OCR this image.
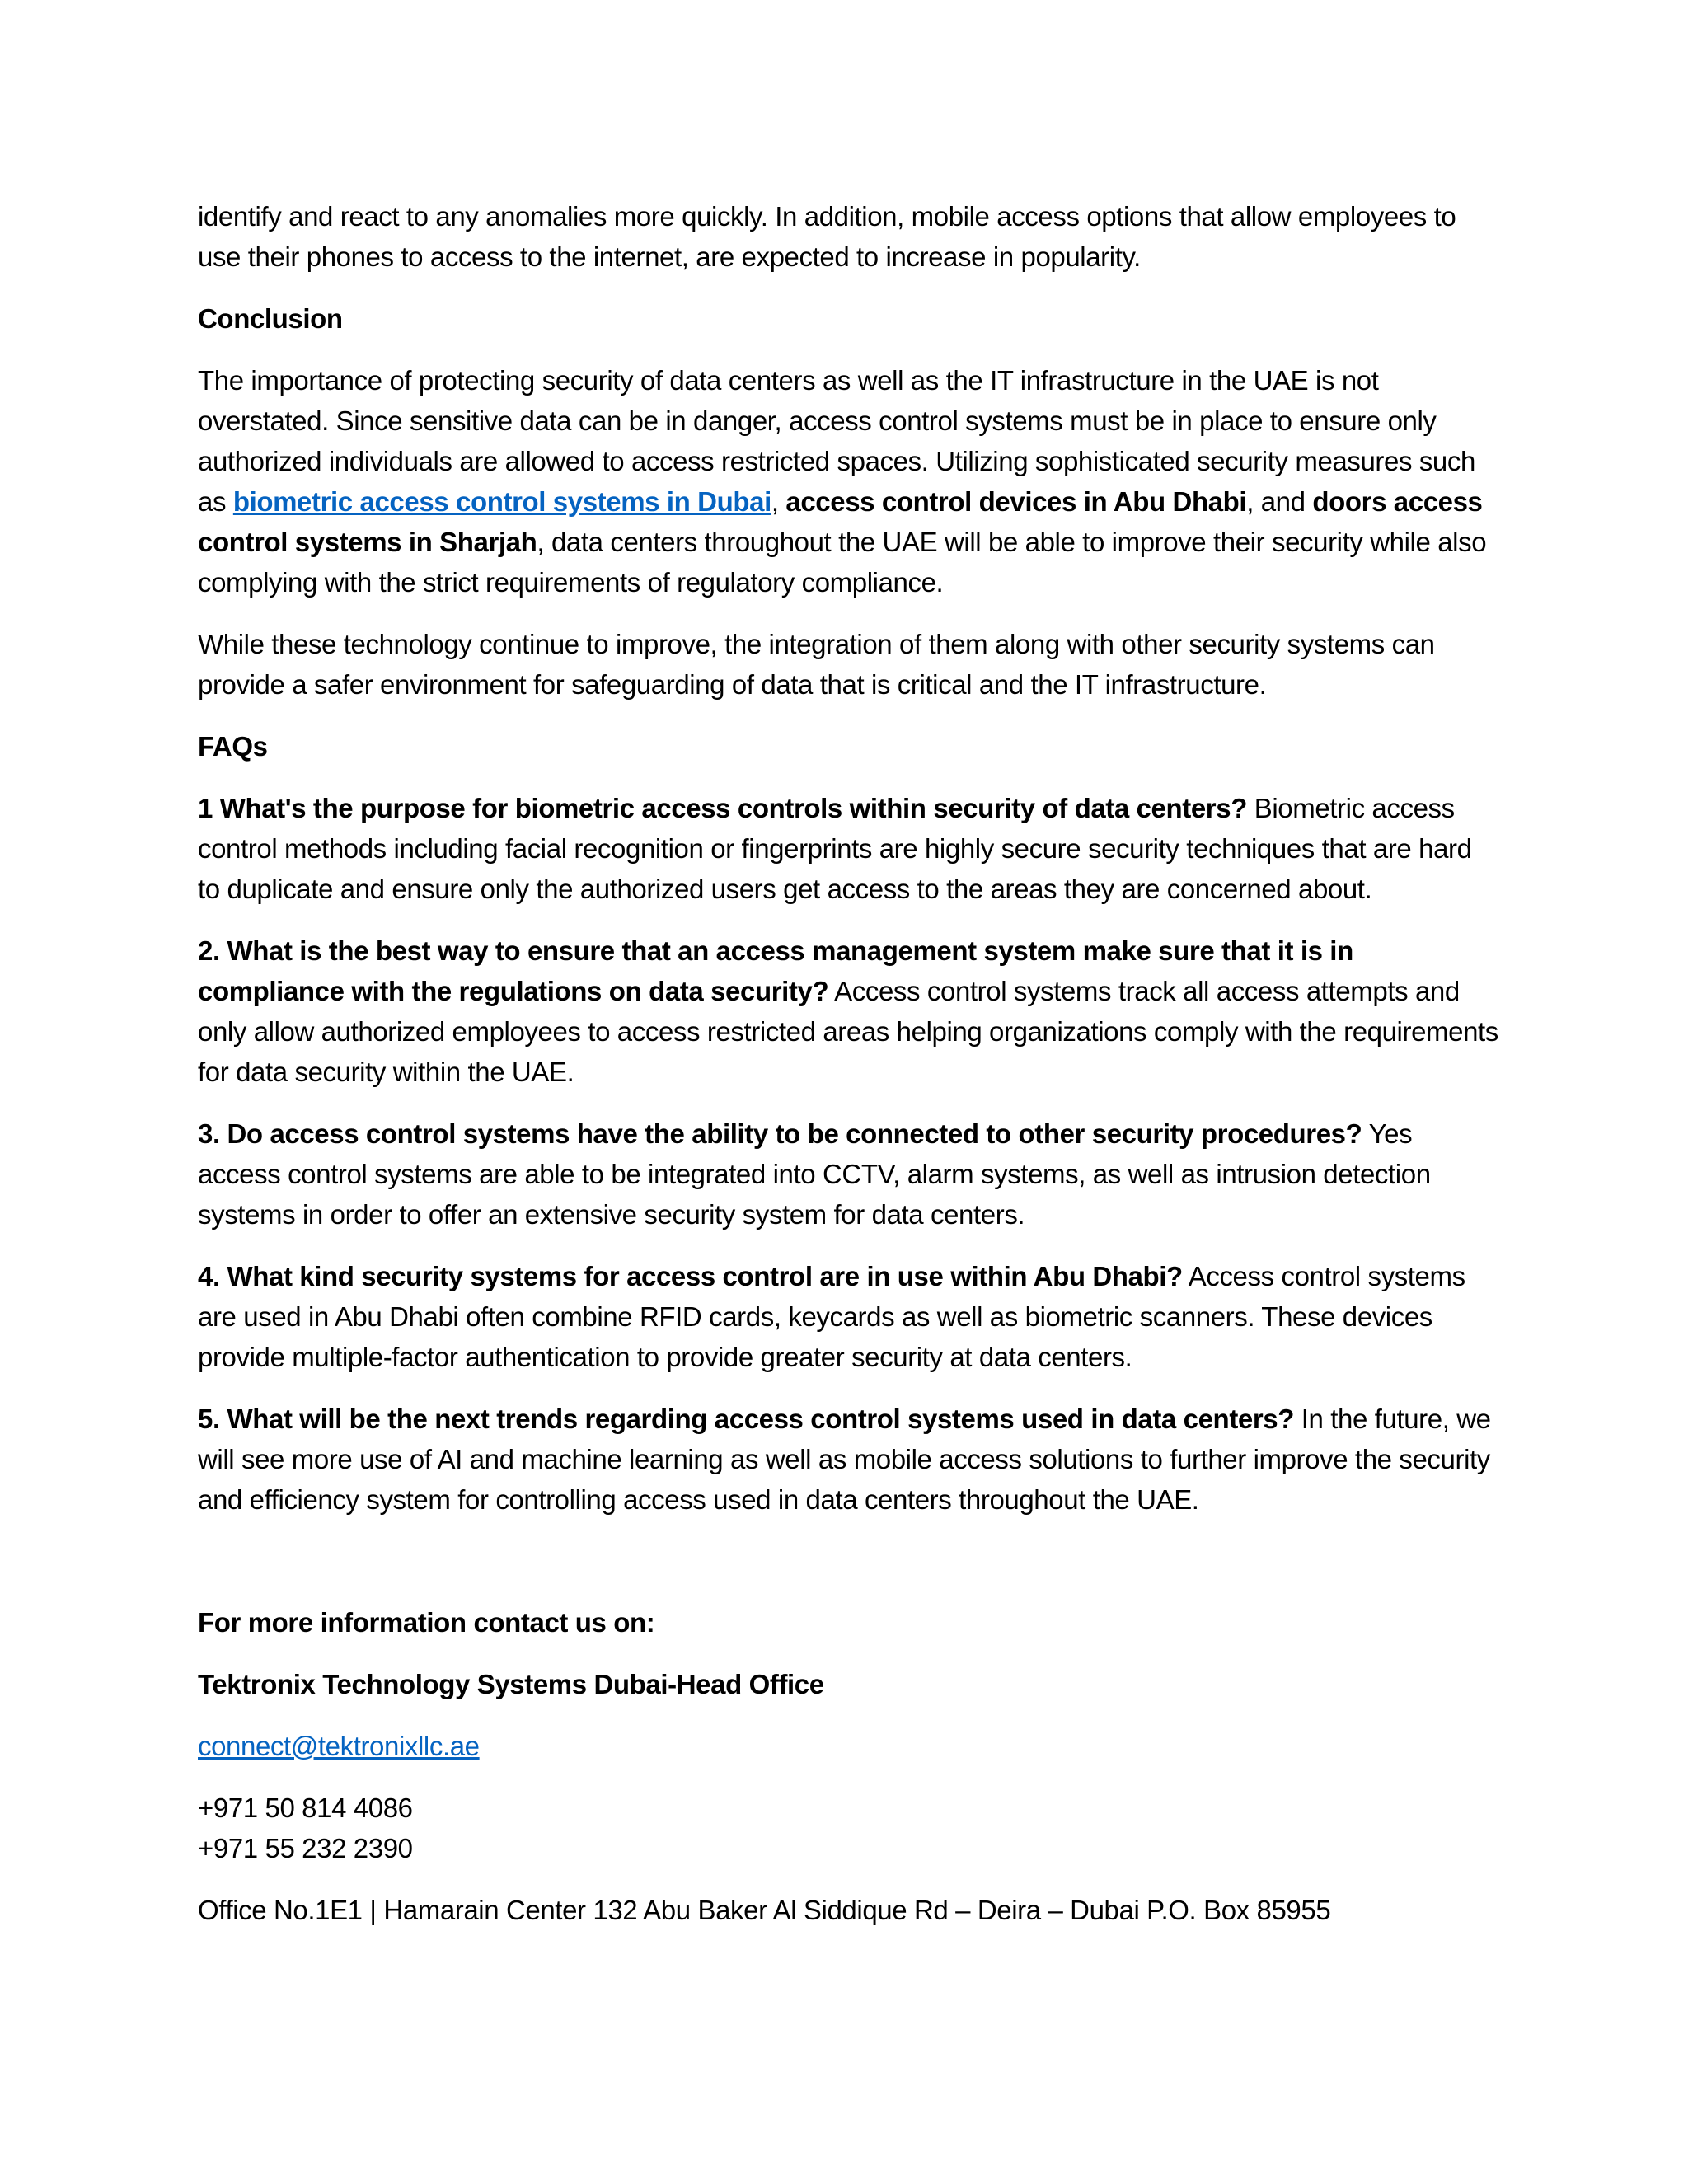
identify and react to any anomalies more quickly. In addition, mobile access options that allow employees to use their phones to access to the internet, are expected to increase in popularity.

Conclusion

The importance of protecting security of data centers as well as the IT infrastructure in the UAE is not overstated. Since sensitive data can be in danger, access control systems must be in place to ensure only authorized individuals are allowed to access restricted spaces. Utilizing sophisticated security measures such as biometric access control systems in Dubai, access control devices in Abu Dhabi, and doors access control systems in Sharjah, data centers throughout the UAE will be able to improve their security while also complying with the strict requirements of regulatory compliance.

While these technology continue to improve, the integration of them along with other security systems can provide a safer environment for safeguarding of data that is critical and the IT infrastructure.

FAQs

1 What's the purpose for biometric access controls within security of data centers? Biometric access control methods including facial recognition or fingerprints are highly secure security techniques that are hard to duplicate and ensure only the authorized users get access to the areas they are concerned about.

2. What is the best way to ensure that an access management system make sure that it is in compliance with the regulations on data security? Access control systems track all access attempts and only allow authorized employees to access restricted areas helping organizations comply with the requirements for data security within the UAE.

3. Do access control systems have the ability to be connected to other security procedures? Yes access control systems are able to be integrated into CCTV, alarm systems, as well as intrusion detection systems in order to offer an extensive security system for data centers.

4. What kind security systems for access control are in use within Abu Dhabi? Access control systems are used in Abu Dhabi often combine RFID cards, keycards as well as biometric scanners. These devices provide multiple-factor authentication to provide greater security at data centers.

5. What will be the next trends regarding access control systems used in data centers? In the future, we will see more use of AI and machine learning as well as mobile access solutions to further improve the security and efficiency system for controlling access used in data centers throughout the UAE.

For more information contact us on:

Tektronix Technology Systems Dubai-Head Office

connect@tektronixllc.ae

+971 50 814 4086

+971 55 232 2390

Office No.1E1 | Hamarain Center 132 Abu Baker Al Siddique Rd – Deira – Dubai P.O. Box 85955
